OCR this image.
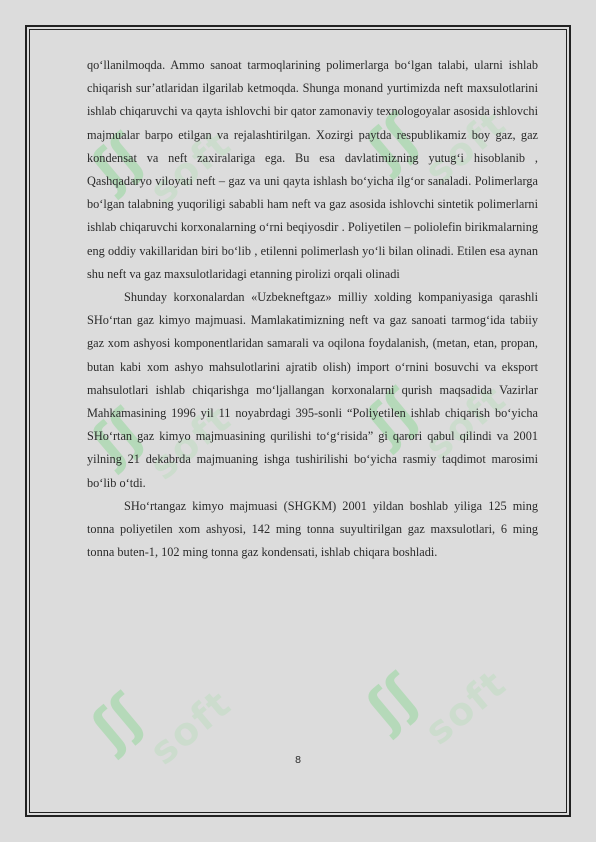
ʃʃ soft ʃʃ soft
ʃʃ soft ʃʃ soft
ʃʃ soft ʃʃ soft

qo‘llanilmoqda. Ammo sanoat tarmoqlarining polimerlarga bo‘lgan talabi, ularni ishlab chiqarish sur’atlaridan ilgarilab ketmoqda. Shunga monand yurtimizda neft maxsulotlarini ishlab chiqaruvchi va qayta ishlovchi bir qator zamonaviy texnologoyalar asosida ishlovchi majmualar barpo etilgan va rejalashtirilgan. Xozirgi paytda respublikamiz boy gaz, gaz kondensat va neft zaxiralariga ega. Bu esa davlatimizning yutug‘i hisoblanib , Qashqadaryo viloyati neft – gaz va uni qayta ishlash bo‘yicha ilg‘or sanaladi. Polimerlarga bo‘lgan talabning yuqoriligi sababli ham neft va gaz asosida ishlovchi sintetik polimerlarni ishlab chiqaruvchi korxonalarning o‘rni beqiyosdir . Poliyetilen – poliolefin birikmalarning eng oddiy vakillaridan biri bo‘lib , etilenni polimerlash yo‘li bilan olinadi. Etilen esa aynan shu neft va gaz maxsulotlaridagi etanning pirolizi orqali olinadi

Shunday korxonalardan «Uzbekneftgaz» milliy xolding kompaniyasiga qarashli SHo‘rtan gaz kimyo majmuasi. Mamlakatimizning neft va gaz sanoati tarmog‘ida tabiiy gaz xom ashyosi komponentlaridan samarali va oqilona foydalanish, (metan, etan, propan, butan kabi xom ashyo mahsulotlarini ajratib olish) import o‘rnini bosuvchi va eksport mahsulotlari ishlab chiqarishga mo‘ljallangan korxonalarni qurish maqsadida Vazirlar Mahkamasining 1996 yil 11 noyabrdagi 395-sonli “Poliyetilen ishlab chiqarish bo‘yicha SHo‘rtan gaz kimyo majmuasining qurilishi to‘g‘risida” gi qarori qabul qilindi va 2001 yilning 21 dekabrda majmuaning ishga tushirilishi bo‘yicha rasmiy taqdimot marosimi bo‘lib o‘tdi.

SHo‘rtangaz kimyo majmuasi (SHGKM) 2001 yildan boshlab yiliga 125 ming tonna poliyetilen xom ashyosi, 142 ming tonna suyultirilgan gaz maxsulotlari, 6 ming tonna buten-1, 102 ming tonna gaz kondensati, ishlab chiqara boshladi.

8
